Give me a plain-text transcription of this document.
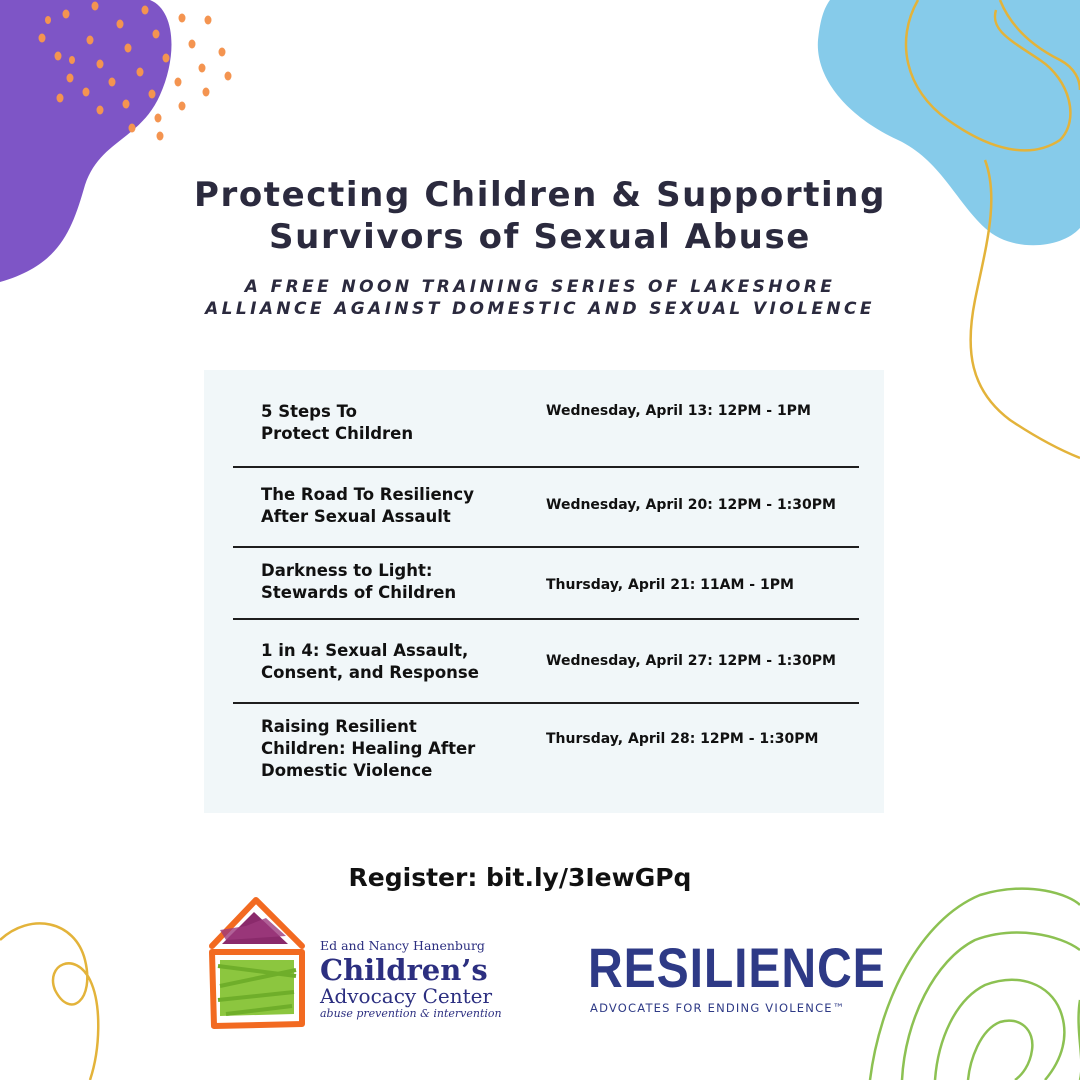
Protecting Children & Supporting
Survivors of Sexual Abuse
A FREE NOON TRAINING SERIES OF LAKESHORE
ALLIANCE AGAINST DOMESTIC AND SEXUAL VIOLENCE
5 Steps To
Protect Children
Wednesday, April 13: 12PM - 1PM
The Road To Resiliency
After Sexual Assault
Wednesday, April 20: 12PM - 1:30PM
Darkness to Light:
Stewards of Children	Thursday, April 21: 11AM - 1PM
1 in 4: Sexual Assault,
Consent, and Response
Wednesday, April 27: 12PM - 1:30PM
Raising Resilient
Children: Healing After
Domestic Violence
Thursday, April 28: 12PM - 1:30PM
Register: bit.ly/3IewGPq
Ed and Nancy Hanenburg
Children’s
Advocacy Center
abuse prevention & intervention
RESILIENCE
ADVOCATES FOR ENDING VIOLENCE™
